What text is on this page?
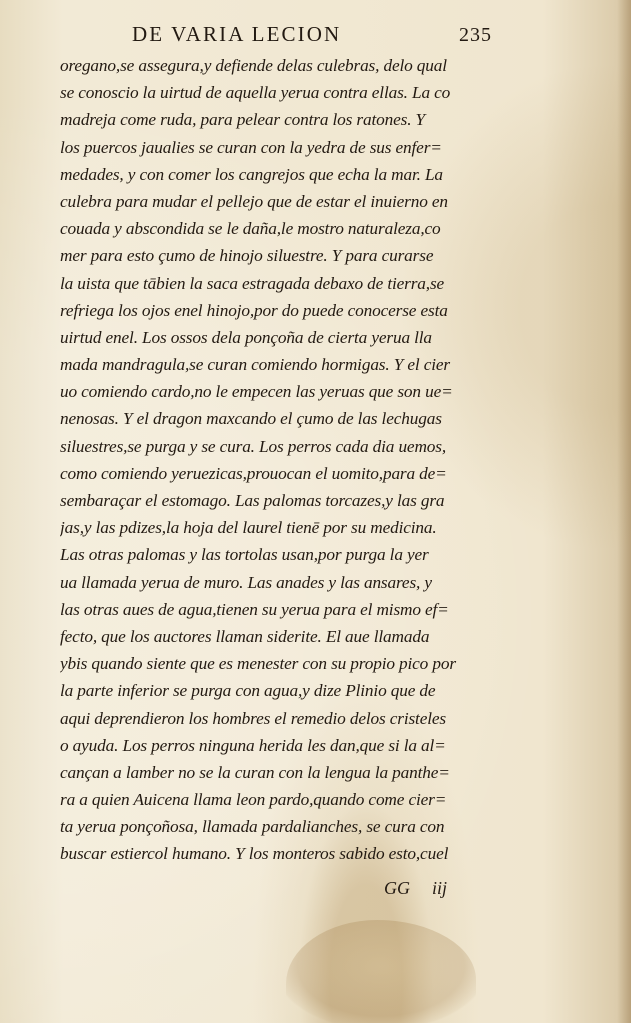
DE VARIA LECION	235
oregano,se assegura,y defiende delas culebras, delo qual
se conoscio la uirtud de aquella yerua contra ellas. La co
madreja come ruda, para pelear contra los ratones. Y
los puercos jaualies se curan con la yedra de sus enfer=
medades, y con comer los cangrejos que echa la mar. La
culebra para mudar el pellejo que de estar el inuierno en
couada y abscondida se le daña,le mostro naturaleza,co
mer para esto çumo de hinojo siluestre. Y para curarse
la uista que tābien la saca estragada debaxo de tierra,se
refriega los ojos enel hinojo,por do puede conocerse esta
uirtud enel. Los ossos dela ponçoña de cierta yerua lla
mada mandragula,se curan comiendo hormigas. Y el cier
uo comiendo cardo,no le empecen las yeruas que son ue=
nenosas. Y el dragon maxcando el çumo de las lechugas
siluestres,se purga y se cura. Los perros cada dia uemos,
como comiendo yeruezicas,prouocan el uomito,para de=
sembaraçar el estomago. Las palomas torcazes,y las gra
jas,y las pdizes,la hoja del laurel tienē por su medicina.
Las otras palomas y las tortolas usan,por purga la yer
ua llamada yerua de muro. Las anades y las ansares, y
las otras aues de agua,tienen su yerua para el mismo ef=
fecto, que los auctores llaman siderite. El aue llamada
ybis quando siente que es menester con su propio pico por
la parte inferior se purga con agua,y dize Plinio que de
aqui deprendieron los hombres el remedio delos cristeles
o ayuda. Los perros ninguna herida les dan,que si la al=
cançan a lamber no se la curan con la lengua la panthe=
ra a quien Auicena llama leon pardo,quando come cier=
ta yerua ponçoñosa, llamada pardalianches, se cura con
buscar estiercol humano. Y los monteros sabido esto,cuel
GG iij
